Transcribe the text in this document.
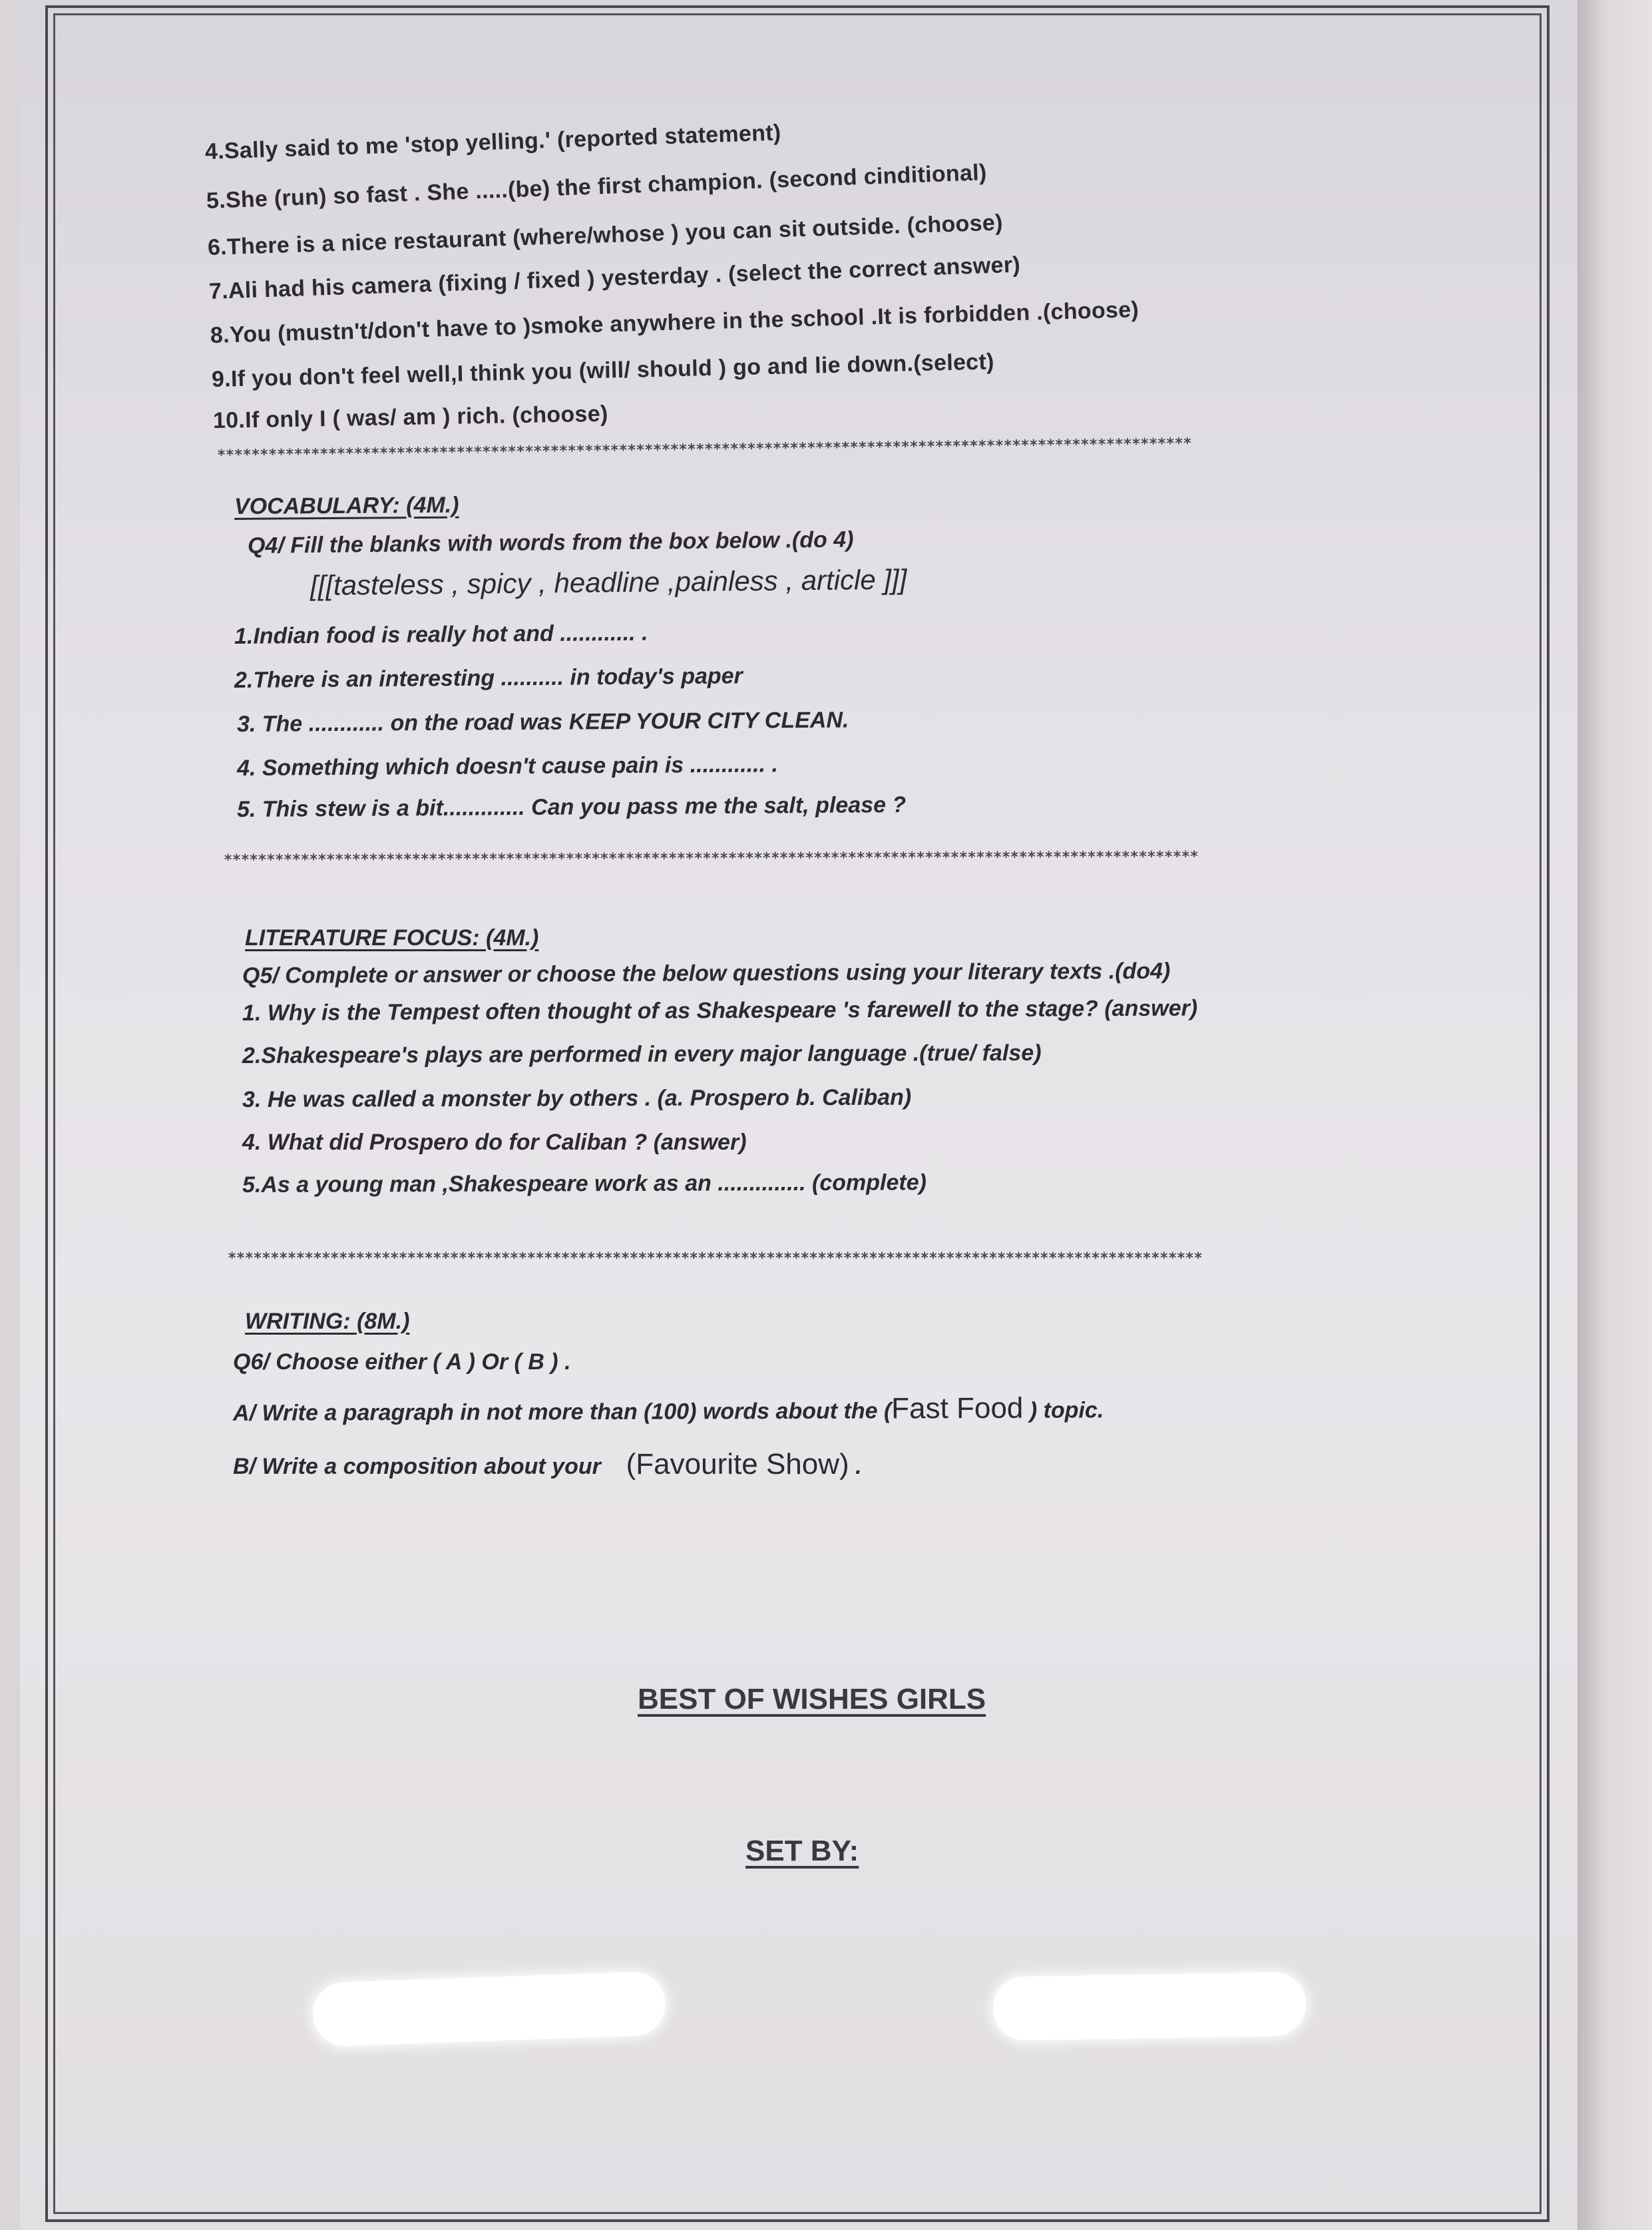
4.Sally said to me 'stop yelling.' (reported statement)
5.She (run) so fast . She .....(be) the first champion. (second cinditional)
6.There is a nice restaurant (where/whose ) you can sit outside. (choose)
7.Ali had his camera (fixing / fixed ) yesterday . (select the correct answer)
8.You (mustn't/don't have to )smoke anywhere in the school .It is forbidden .(choose)
9.If you don't feel well,I think you (will/ should ) go and lie down.(select)
10.If only I ( was/ am ) rich. (choose)
******************************************************************************************************************
VOCABULARY: (4M.)
Q4/ Fill the blanks with words from the box below .(do 4)
[[[tasteless , spicy , headline ,painless , article ]]]
1.Indian food is really hot and ............ .
2.There is an interesting .......... in today's paper
3. The ............ on the road was KEEP YOUR CITY CLEAN.
4. Something which doesn't cause pain is ............ .
5. This stew is a bit............. Can you pass me the salt, please ?
******************************************************************************************************************
LITERATURE FOCUS: (4M.)
Q5/ Complete or answer or choose the below questions using your literary texts .(do4)
1. Why is the Tempest often thought of as Shakespeare 's farewell to the stage? (answer)
2.Shakespeare's plays are performed in every major language .(true/ false)
3. He was called a monster by others . (a. Prospero b. Caliban)
4. What did Prospero do for Caliban ? (answer)
5.As a young man ,Shakespeare work as an .............. (complete)
******************************************************************************************************************
WRITING: (8M.)
Q6/ Choose either ( A ) Or ( B ) .
A/ Write a paragraph in not more than (100) words about the (Fast Food ) topic.
B/ Write a composition about your (Favourite Show) .
BEST OF WISHES GIRLS
SET BY:
